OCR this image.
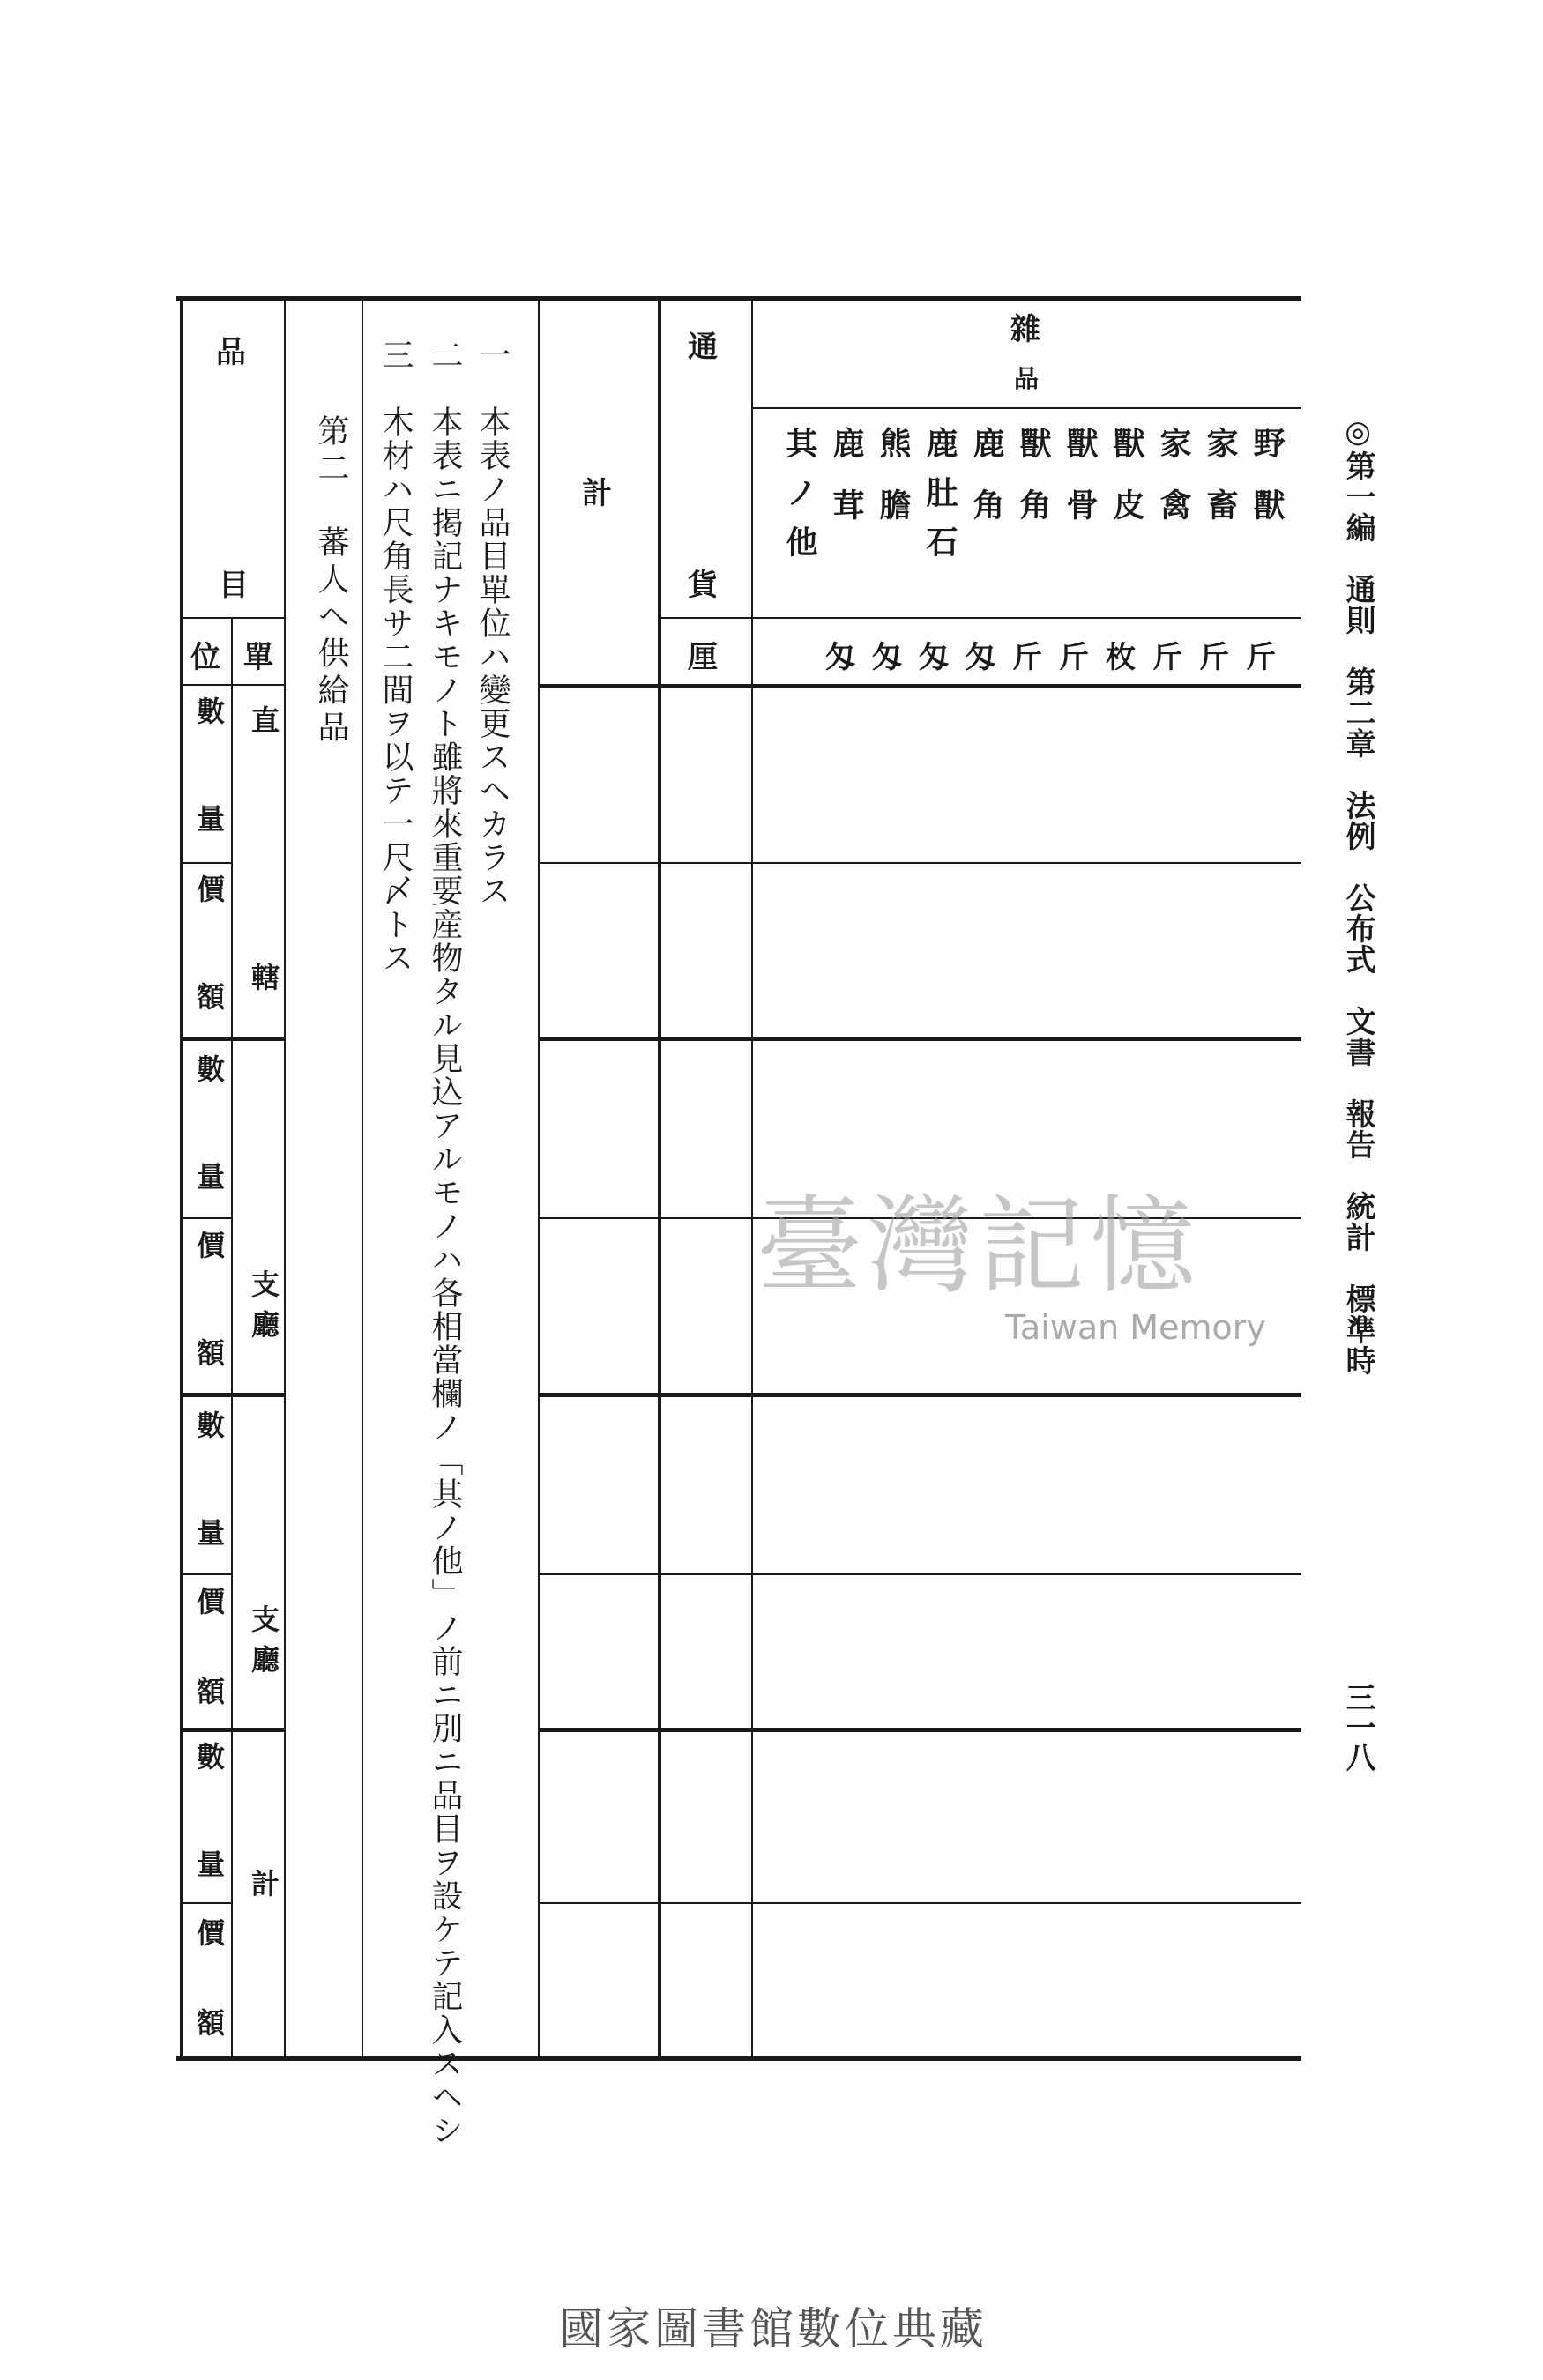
品
目
單
位
雜
品
通
貨
厘
計
一　本表ノ品目單位ハ變更スヘカラス
二　本表ニ掲記ナキモノト雖將來重要産物タル見込アルモノハ各相當欄ノ「其ノ他」ノ前ニ別ニ品目ヲ設ケテ記入スヘシ
三　木材ハ尺角長サ二間ヲ以テ一尺〆トス
第二　蕃人ヘ供給品
直轄
支廳
支廳
計
數量
價額
數量
價額
數量
價額
數量
價額
野獸
斤
家畜
斤
家禽
斤
獸皮
枚
獸骨
斤
獸角
斤
鹿角
匁
鹿肚石
匁
熊膽
匁
鹿茸
匁
其ノ他	◎第一編　通則　第二章　法例　公布式　文書　報告　統計　標準時
三一八
臺灣記憶
Taiwan Memory
國家圖書館數位典藏
